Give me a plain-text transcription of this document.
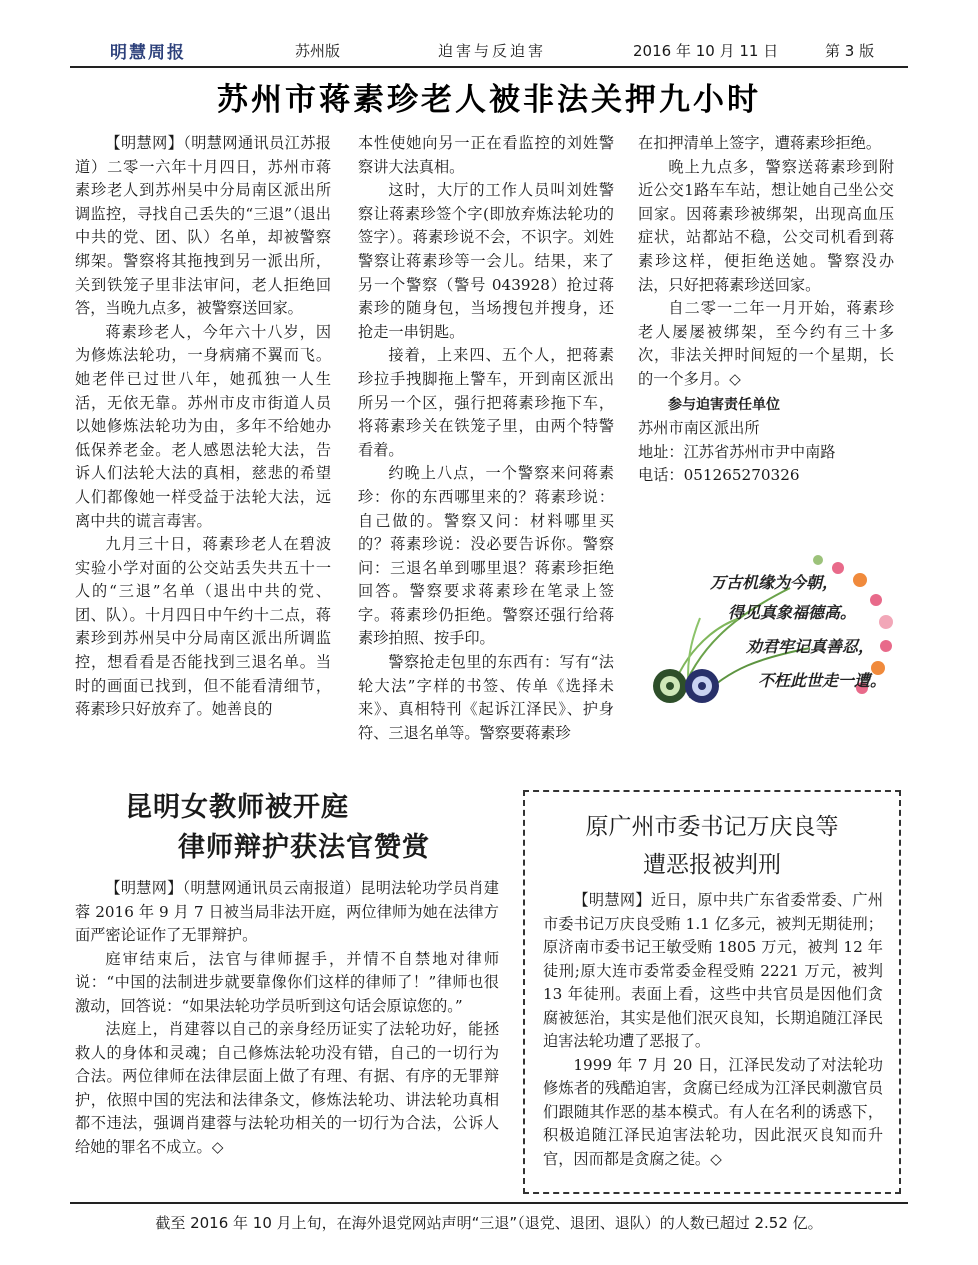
明慧周报	苏州版	迫害与反迫害	2016 年 10 月 11 日	第 3 版
苏州市蒋素珍老人被非法关押九小时

【明慧网】（明慧网通讯员江苏报道）二零一六年十月四日，苏州市蒋素珍老人到苏州吴中分局南区派出所调监控，寻找自己丢失的“三退”（退出中共的党、团、队）名单，却被警察绑架。警察将其拖拽到另一派出所，关到铁笼子里非法审问，老人拒绝回答，当晚九点多，被警察送回家。

蒋素珍老人，今年六十八岁，因为修炼法轮功，一身病痛不翼而飞。她老伴已过世八年，她孤独一人生活，无依无靠。苏州市皮市街道人员以她修炼法轮功为由，多年不给她办低保养老金。老人感恩法轮大法，告诉人们法轮大法的真相，慈悲的希望人们都像她一样受益于法轮大法，远离中共的谎言毒害。

九月三十日，蒋素珍老人在碧波实验小学对面的公交站丢失共五十一人的“三退”名单（退出中共的党、团、队）。十月四日中午约十二点，蒋素珍到苏州吴中分局南区派出所调监控，想看看是否能找到三退名单。当时的画面已找到，但不能看清细节，蒋素珍只好放弃了。她善良的

本性使她向另一正在看监控的刘姓警察讲大法真相。

这时，大厅的工作人员叫刘姓警察让蒋素珍签个字(即放弃炼法轮功的签字）。蒋素珍说不会，不识字。刘姓警察让蒋素珍等一会儿。结果，来了另一个警察（警号 043928）抢过蒋素珍的随身包，当场搜包并搜身，还抢走一串钥匙。

接着，上来四、五个人，把蒋素珍拉手拽脚拖上警车，开到南区派出所另一个区，强行把蒋素珍拖下车，将蒋素珍关在铁笼子里，由两个特警看着。

约晚上八点，一个警察来问蒋素珍：你的东西哪里来的？蒋素珍说：自己做的。警察又问：材料哪里买的？蒋素珍说：没必要告诉你。警察问：三退名单到哪里退？蒋素珍拒绝回答。警察要求蒋素珍在笔录上签字。蒋素珍仍拒绝。警察还强行给蒋素珍拍照、按手印。

警察抢走包里的东西有：写有“法轮大法”字样的书签、传单《选择未来》、真相特刊《起诉江泽民》、护身符、三退名单等。警察要蒋素珍

在扣押清单上签字，遭蒋素珍拒绝。

晚上九点多，警察送蒋素珍到附近公交1路车车站，想让她自己坐公交回家。因蒋素珍被绑架，出现高血压症状，站都站不稳，公交司机看到蒋素珍这样，便拒绝送她。警察没办法，只好把蒋素珍送回家。

自二零一二年一月开始，蒋素珍老人屡屡被绑架，至今约有三十多次，非法关押时间短的一个星期，长的一个多月。◇

参与迫害责任单位
苏州市南区派出所
地址：江苏省苏州市尹中南路
电话：051265270326
万古机缘为今朝，
得见真象福德高。
劝君牢记真善忍，
不枉此世走一遭。
昆明女教师被开庭
律师辩护获法官赞赏

【明慧网】（明慧网通讯员云南报道）昆明法轮功学员肖建蓉 2016 年 9 月 7 日被当局非法开庭，两位律师为她在法律方面严密论证作了无罪辩护。

庭审结束后，法官与律师握手，并情不自禁地对律师说：“中国的法制进步就要靠像你们这样的律师了！”律师也很激动，回答说：“如果法轮功学员听到这句话会原谅您的。”

法庭上，肖建蓉以自己的亲身经历证实了法轮功好，能拯救人的身体和灵魂；自己修炼法轮功没有错，自己的一切行为合法。两位律师在法律层面上做了有理、有据、有序的无罪辩护，依照中国的宪法和法律条文，修炼法轮功、讲法轮功真相都不违法，强调肖建蓉与法轮功相关的一切行为合法，公诉人给她的罪名不成立。◇

原广州市委书记万庆良等
遭恶报被判刑

【明慧网】近日，原中共广东省委常委、广州市委书记万庆良受贿 1.1 亿多元，被判无期徒刑；原济南市委书记王敏受贿 1805 万元，被判 12 年徒刑;原大连市委常委金程受贿 2221 万元，被判 13 年徒刑。表面上看，这些中共官员是因他们贪腐被惩治，其实是他们泯灭良知，长期追随江泽民迫害法轮功遭了恶报了。

1999 年 7 月 20 日，江泽民发动了对法轮功修炼者的残酷迫害，贪腐已经成为江泽民刺激官员们跟随其作恶的基本模式。有人在名利的诱惑下，积极追随江泽民迫害法轮功，因此泯灭良知而升官，因而都是贪腐之徒。◇

截至 2016 年 10 月上旬，在海外退党网站声明“三退”（退党、退团、退队）的人数已超过 2.52 亿。
